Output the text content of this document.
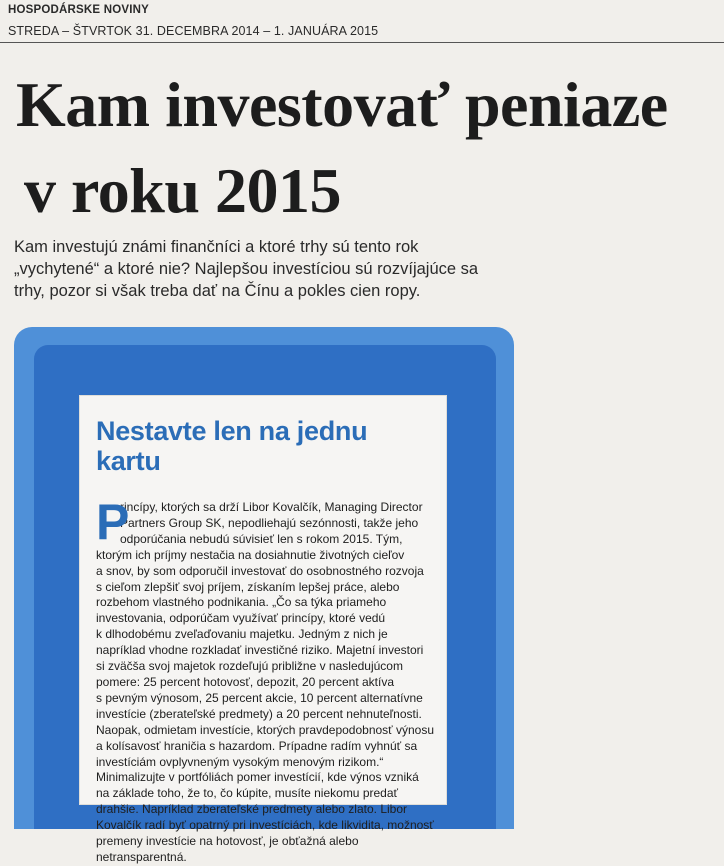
HOSPODÁRSKE NOVINY
STREDA – ŠTVRTOK 31. DECEMBRA 2014 – 1. JANUÁRA 2015
Kam investovať peniaze
v roku 2015

Kam investujú známi finančníci a ktoré trhy sú tento rok
„vychytené“ a ktoré nie? Najlepšou investíciou sú rozvíjajúce sa
trhy, pozor si však treba dať na Čínu a pokles cien ropy.

Nestavte len na jednu
kartu
P
rincípy, ktorých sa drží Libor Kovalčík, Managing Director
Partners Group SK, nepodliehajú sezónnosti, takže jeho
odporúčania nebudú súvisieť len s rokom 2015. Tým,
ktorým ich príjmy nestačia na dosiahnutie životných cieľov
a snov, by som odporučil investovať do osobnostného rozvoja
s cieľom zlepšiť svoj príjem, získaním lepšej práce, alebo
rozbehom vlastného podnikania. „Čo sa týka priameho
investovania, odporúčam využívať princípy, ktoré vedú
k dlhodobému zveľaďovaniu majetku. Jedným z nich je
napríklad vhodne rozkladať investičné riziko. Majetní investori
si zväčša svoj majetok rozdeľujú približne v nasledujúcom
pomere: 25 percent hotovosť, depozit, 20 percent aktíva
s pevným výnosom, 25 percent akcie, 10 percent alternatívne
investície (zberateľské predmety) a 20 percent nehnuteľnosti.
Naopak, odmietam investície, ktorých pravdepodobnosť výnosu
a kolísavosť hraničia s hazardom. Prípadne radím vyhnúť sa
investíciám ovplyvneným vysokým menovým rizikom.“
Minimalizujte v portfóliách pomer investícií, kde výnos vzniká
na základe toho, že to, čo kúpite, musíte niekomu predať
drahšie. Napríklad zberateľské predmety alebo zlato. Libor
Kovalčík radí byť opatrný pri investíciách, kde likvidita, možnosť
premeny investície na hotovosť, je obťažná alebo
netransparentná.
